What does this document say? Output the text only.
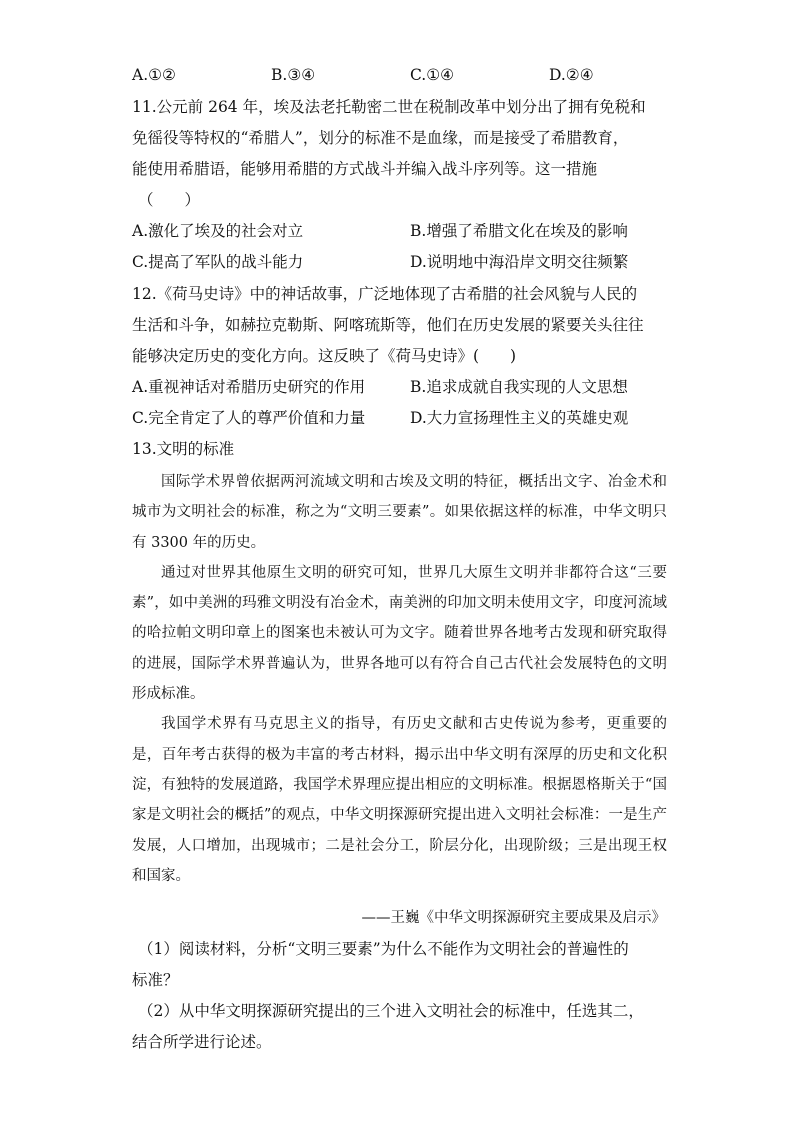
A.①②	B.③④	C.①④	D.②④
11.公元前 264 年，埃及法老托勒密二世在税制改革中划分出了拥有免税和
免徭役等特权的“希腊人”，划分的标准不是血缘，而是接受了希腊教育，
能使用希腊语，能够用希腊的方式战斗并编入战斗序列等。这一措施
（　　）
A.激化了埃及的社会对立	B.增强了希腊文化在埃及的影响
C.提高了军队的战斗能力	D.说明地中海沿岸文明交往频繁
12.《荷马史诗》中的神话故事，广泛地体现了古希腊的社会风貌与人民的
生活和斗争，如赫拉克勒斯、阿喀琉斯等，他们在历史发展的紧要关头往往
能够决定历史的变化方向。这反映了《荷马史诗》(　　)
A.重视神话对希腊历史研究的作用	B.追求成就自我实现的人文思想
C.完全肯定了人的尊严价值和力量	D.大力宣扬理性主义的英雄史观
13.文明的标准

国际学术界曾依据两河流域文明和古埃及文明的特征，概括出文字、冶金术和城市为文明社会的标准，称之为“文明三要素”。如果依据这样的标准，中华文明只有 3300 年的历史。

通过对世界其他原生文明的研究可知，世界几大原生文明并非都符合这“三要素”，如中美洲的玛雅文明没有冶金术，南美洲的印加文明未使用文字，印度河流域的哈拉帕文明印章上的图案也未被认可为文字。随着世界各地考古发现和研究取得的进展，国际学术界普遍认为，世界各地可以有符合自己古代社会发展特色的文明形成标准。

我国学术界有马克思主义的指导，有历史文献和古史传说为参考，更重要的是，百年考古获得的极为丰富的考古材料，揭示出中华文明有深厚的历史和文化积淀，有独特的发展道路，我国学术界理应提出相应的文明标准。根据恩格斯关于“国家是文明社会的概括”的观点，中华文明探源研究提出进入文明社会标准：一是生产发展，人口增加，出现城市；二是社会分工，阶层分化，出现阶级；三是出现王权和国家。

——王巍《中华文明探源研究主要成果及启示》
（1）阅读材料，分析“文明三要素”为什么不能作为文明社会的普遍性的
标准？
（2）从中华文明探源研究提出的三个进入文明社会的标准中，任选其二，
结合所学进行论述。
